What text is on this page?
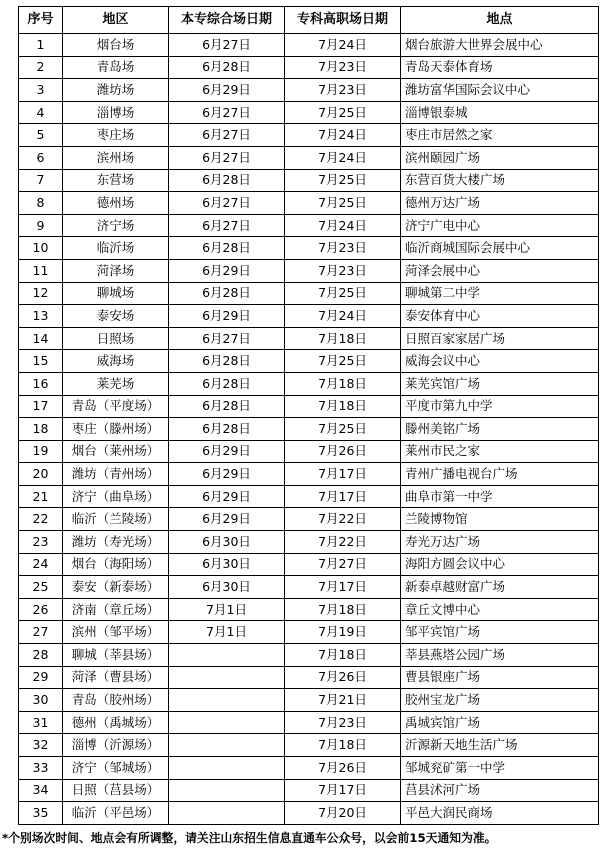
序号	地区	本专综合场日期	专科高职场日期	地点
1	烟台场	6月27日	7月24日	烟台旅游大世界会展中心
2	青岛场	6月28日	7月23日	青岛天泰体育场
3	潍坊场	6月29日	7月23日	潍坊富华国际会议中心
4	淄博场	6月27日	7月25日	淄博银泰城
5	枣庄场	6月27日	7月24日	枣庄市居然之家
6	滨州场	6月27日	7月24日	滨州颐园广场
7	东营场	6月28日	7月25日	东营百货大楼广场
8	德州场	6月27日	7月25日	德州万达广场
9	济宁场	6月27日	7月24日	济宁广电中心
10	临沂场	6月28日	7月23日	临沂商城国际会展中心
11	菏泽场	6月29日	7月23日	菏泽会展中心
12	聊城场	6月28日	7月25日	聊城第二中学
13	泰安场	6月29日	7月24日	泰安体育中心
14	日照场	6月27日	7月18日	日照百家家居广场
15	威海场	6月28日	7月25日	威海会议中心
16	莱芜场	6月28日	7月18日	莱芜宾馆广场
17	青岛（平度场）	6月28日	7月18日	平度市第九中学
18	枣庄（滕州场）	6月28日	7月25日	滕州美铭广场
19	烟台（莱州场）	6月29日	7月26日	莱州市民之家
20	潍坊（青州场）	6月29日	7月17日	青州广播电视台广场
21	济宁（曲阜场）	6月29日	7月17日	曲阜市第一中学
22	临沂（兰陵场）	6月29日	7月22日	兰陵博物馆
23	潍坊（寿光场）	6月30日	7月22日	寿光万达广场
24	烟台（海阳场）	6月30日	7月27日	海阳方圆会议中心
25	泰安（新泰场）	6月30日	7月17日	新泰卓越财富广场
26	济南（章丘场）	7月1日	7月18日	章丘文博中心
27	滨州（邹平场）	7月1日	7月19日	邹平宾馆广场
28	聊城（莘县场）		7月18日	莘县燕塔公园广场
29	菏泽（曹县场）		7月26日	曹县银座广场
30	青岛（胶州场）		7月21日	胶州宝龙广场
31	德州（禹城场）		7月23日	禹城宾馆广场
32	淄博（沂源场）		7月18日	沂源新天地生活广场
33	济宁（邹城场）		7月26日	邹城兖矿第一中学
34	日照（莒县场）		7月17日	莒县沭河广场
35	临沂（平邑场）		7月20日	平邑大润民商场
*个别场次时间、地点会有所调整，请关注山东招生信息直通车公众号，以会前15天通知为准。
